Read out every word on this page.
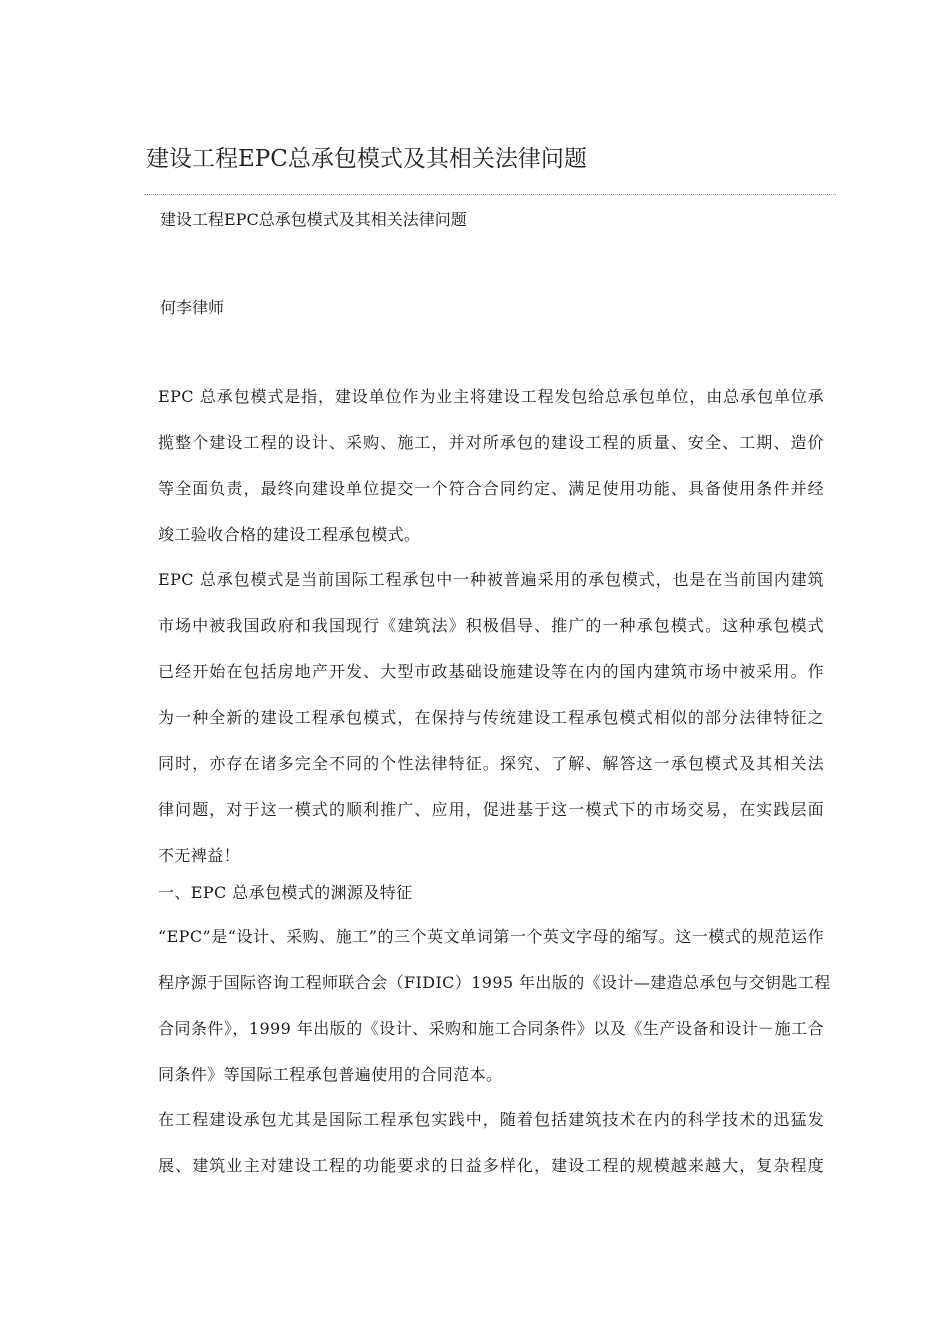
建设工程EPC总承包模式及其相关法律问题
建设工程EPC总承包模式及其相关法律问题
何李律师
EPC 总承包模式是指，建设单位作为业主将建设工程发包给总承包单位，由总承包单位承
揽整个建设工程的设计、采购、施工，并对所承包的建设工程的质量、安全、工期、造价
等全面负责，最终向建设单位提交一个符合合同约定、满足使用功能、具备使用条件并经
竣工验收合格的建设工程承包模式。
EPC 总承包模式是当前国际工程承包中一种被普遍采用的承包模式，也是在当前国内建筑
市场中被我国政府和我国现行《建筑法》积极倡导、推广的一种承包模式。这种承包模式
已经开始在包括房地产开发、大型市政基础设施建设等在内的国内建筑市场中被采用。作
为一种全新的建设工程承包模式，在保持与传统建设工程承包模式相似的部分法律特征之
同时，亦存在诸多完全不同的个性法律特征。探究、了解、解答这一承包模式及其相关法
律问题，对于这一模式的顺利推广、应用，促进基于这一模式下的市场交易，在实践层面
不无裨益！
一、EPC 总承包模式的渊源及特征
“EPC”是“设计、采购、施工”的三个英文单词第一个英文字母的缩写。这一模式的规范运作
程序源于国际咨询工程师联合会（FIDIC）1995 年出版的《设计—建造总承包与交钥匙工程
合同条件》，1999 年出版的《设计、采购和施工合同条件》以及《生产设备和设计－施工合
同条件》等国际工程承包普遍使用的合同范本。
在工程建设承包尤其是国际工程承包实践中，随着包括建筑技术在内的科学技术的迅猛发
展、建筑业主对建设工程的功能要求的日益多样化，建设工程的规模越来越大，复杂程度
